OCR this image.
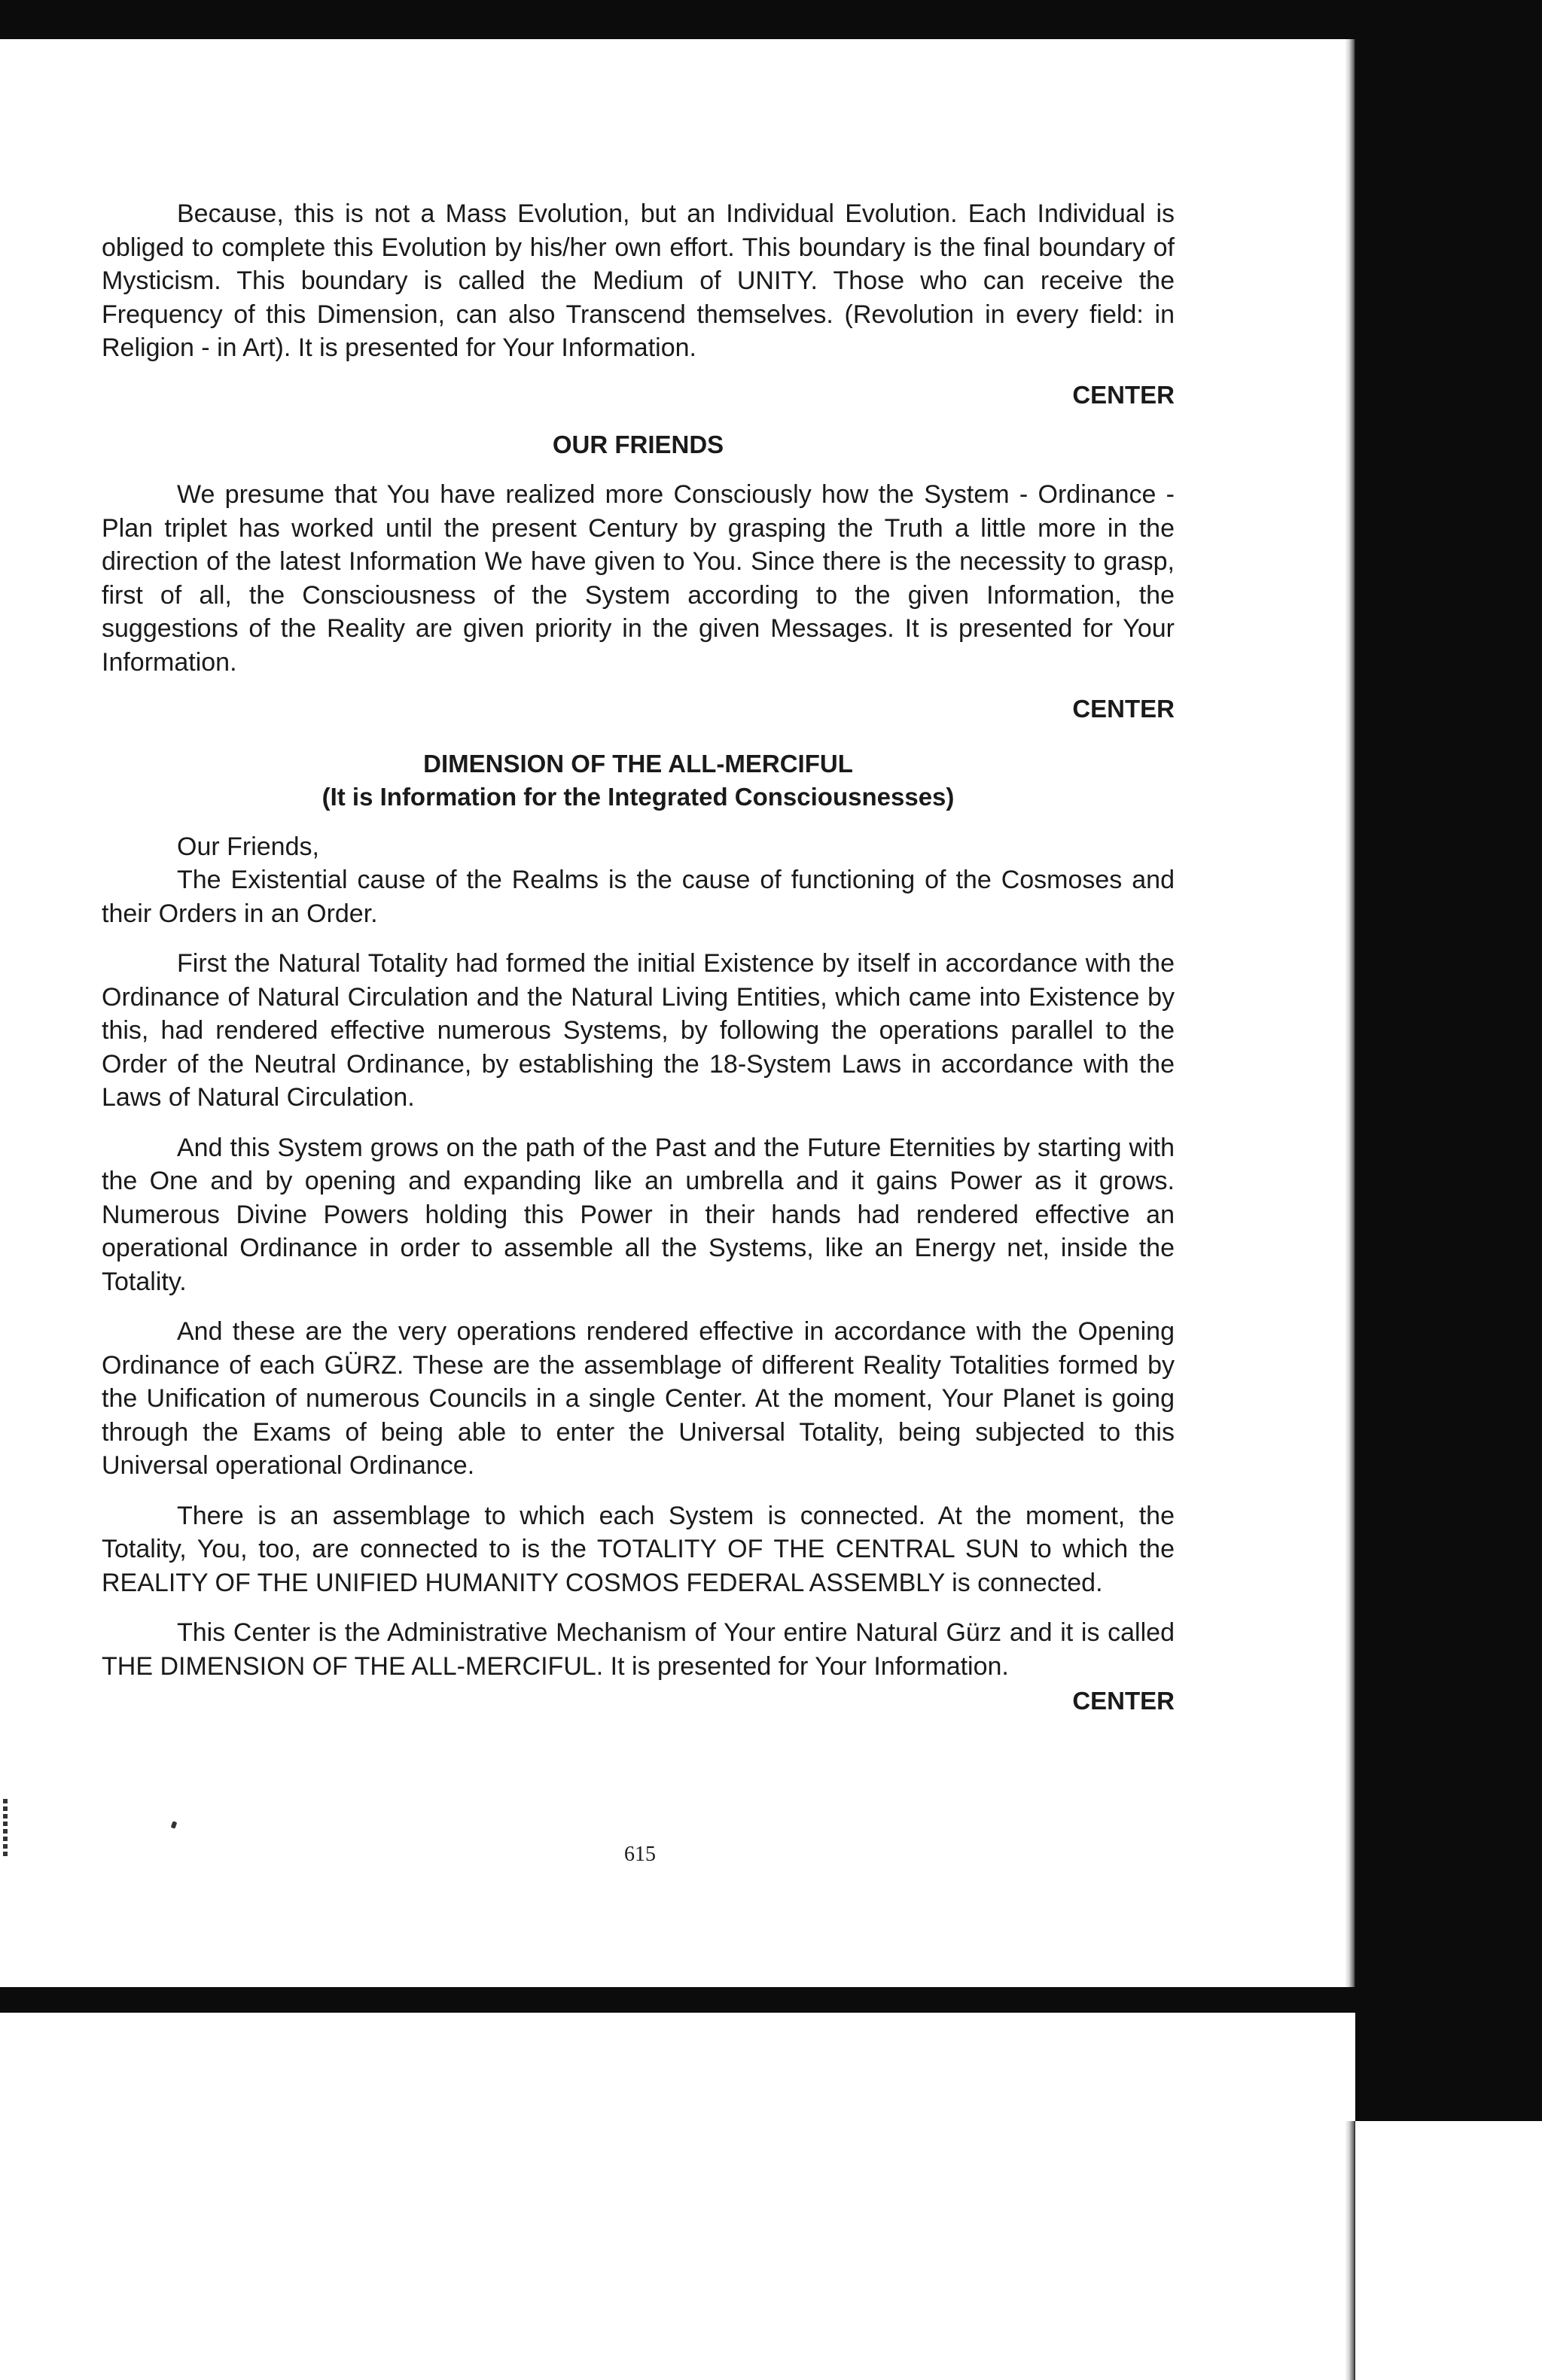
Because, this is not a Mass Evolution, but an Individual Evolution. Each Individual is obliged to complete this Evolution by his/her own effort. This boundary is the final boundary of Mysticism. This boundary is called the Medium of UNITY. Those who can receive the Frequency of this Dimension, can also Transcend themselves. (Revolution in every field: in Religion - in Art). It is presented for Your Information.

CENTER

OUR FRIENDS

We presume that You have realized more Consciously how the System - Ordinance - Plan triplet has worked until the present Century by grasping the Truth a little more in the direction of the latest Information We have given to You. Since there is the necessity to grasp, first of all, the Consciousness of the System according to the given Information, the suggestions of the Reality are given priority in the given Messages. It is presented for Your Information.

CENTER

DIMENSION OF THE ALL-MERCIFUL

(It is Information for the Integrated Consciousnesses)

Our Friends,

The Existential cause of the Realms is the cause of functioning of the Cosmoses and their Orders in an Order.

First the Natural Totality had formed the initial Existence by itself in accordance with the Ordinance of Natural Circulation and the Natural Living Entities, which came into Existence by this, had rendered effective numerous Systems, by following the operations parallel to the Order of the Neutral Ordinance, by establishing the 18-System Laws in accordance with the Laws of Natural Circulation.

And this System grows on the path of the Past and the Future Eternities by starting with the One and by opening and expanding like an umbrella and it gains Power as it grows. Numerous Divine Powers holding this Power in their hands had rendered effective an operational Ordinance in order to assemble all the Systems, like an Energy net, inside the Totality.

And these are the very operations rendered effective in accordance with the Opening Ordinance of each GÜRZ. These are the assemblage of different Reality Totalities formed by the Unification of numerous Councils in a single Center. At the moment, Your Planet is going through the Exams of being able to enter the Universal Totality, being subjected to this Universal operational Ordinance.

There is an assemblage to which each System is connected. At the moment, the Totality, You, too, are connected to is the TOTALITY OF THE CENTRAL SUN to which the REALITY OF THE UNIFIED HUMANITY COSMOS FEDERAL ASSEMBLY is connected.

This Center is the Administrative Mechanism of Your entire Natural Gürz and it is called THE DIMENSION OF THE ALL-MERCIFUL. It is presented for Your Information.

CENTER

615
